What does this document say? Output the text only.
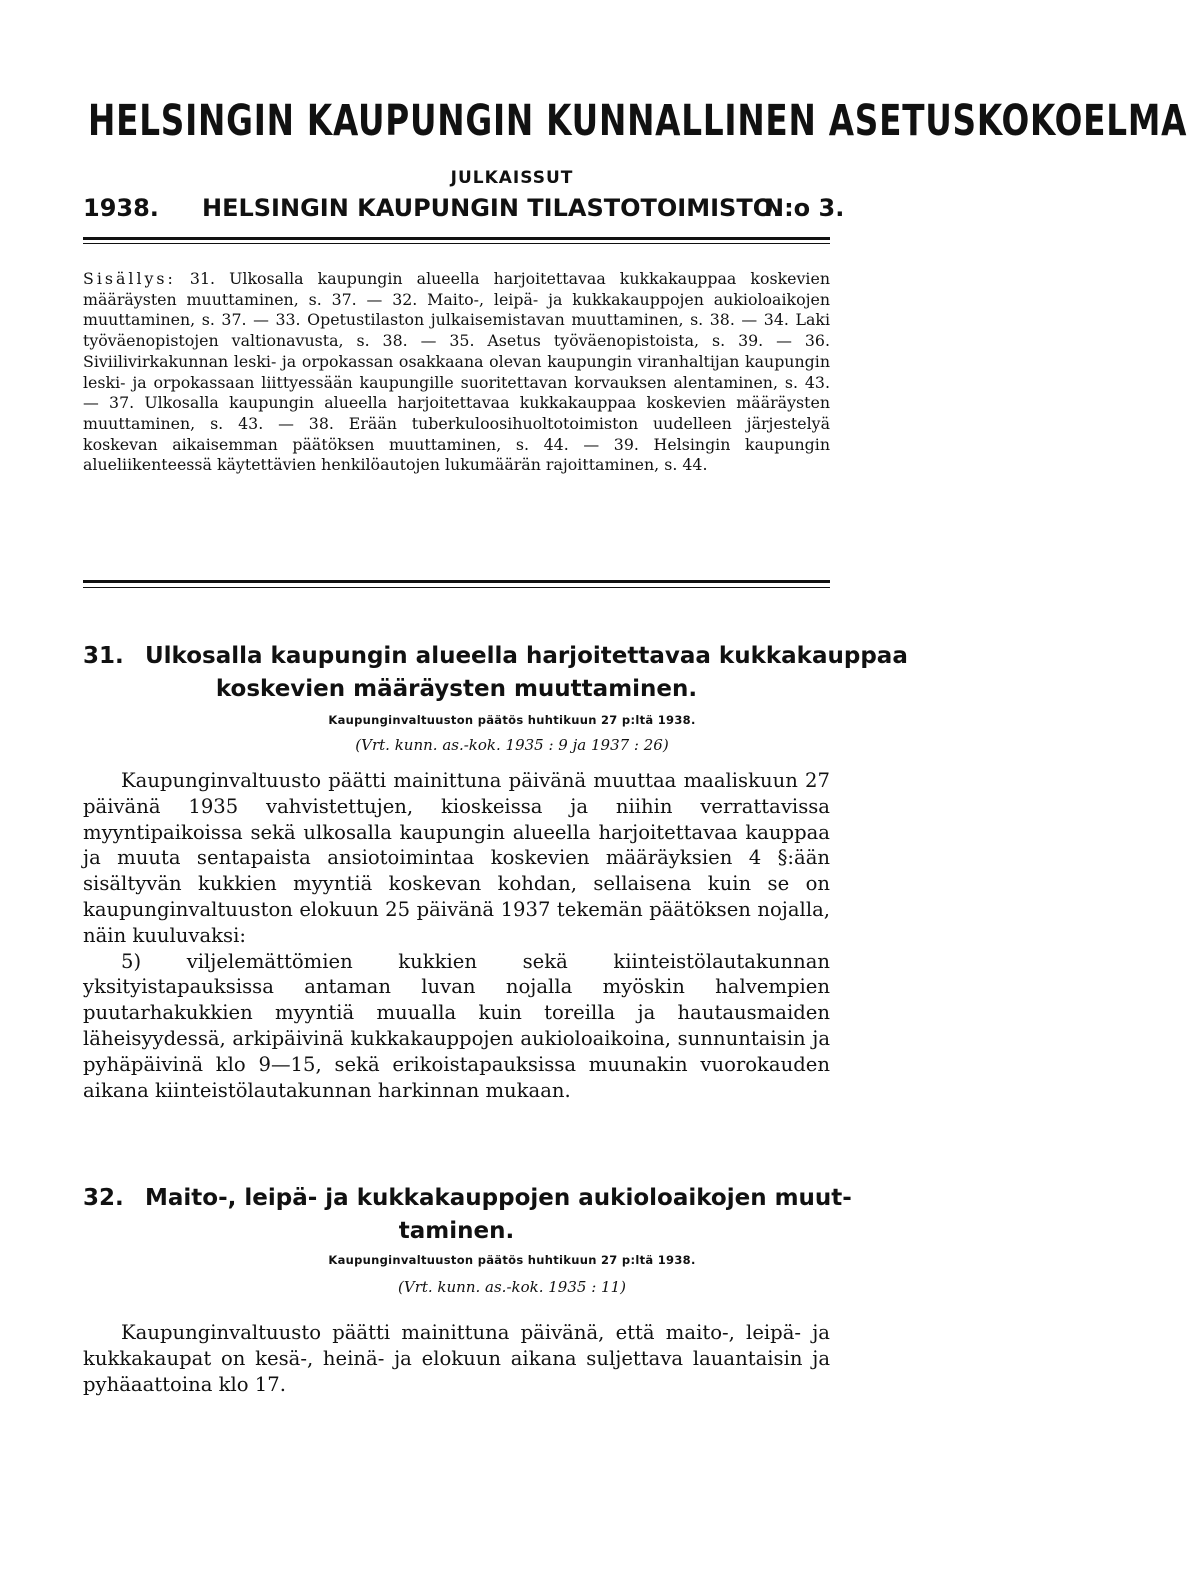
HELSINGIN KAUPUNGIN KUNNALLINEN ASETUSKOKOELMA
JULKAISSUT
1938. HELSINGIN KAUPUNGIN TILASTOTOIMISTO.
N:o 3.
Sisällys: 31. Ulkosalla kaupungin alueella harjoitettavaa kukkakauppaa koskevien määräysten muuttaminen, s. 37. — 32. Maito-, leipä- ja kukkakauppojen aukioloaikojen muuttaminen, s. 37. — 33. Opetustilaston julkaisemistavan muuttaminen, s. 38. — 34. Laki työväenopistojen valtionavusta, s. 38. — 35. Asetus työväenopistoista, s. 39. — 36. Siviilivirkakunnan leski- ja orpokassan osakkaana olevan kaupungin viranhaltijan kaupungin leski- ja orpokassaan liittyessään kaupungille suoritettavan korvauksen alentaminen, s. 43. — 37. Ulkosalla kaupungin alueella harjoitettavaa kukkakauppaa koskevien määräysten muuttaminen, s. 43. — 38. Erään tuberkuloosihuoltotoimiston uudelleen järjestelyä koskevan aikaisemman päätöksen muuttaminen, s. 44. — 39. Helsingin kaupungin alueliikenteessä käytettävien henkilöautojen lukumäärän rajoittaminen, s. 44.
31. Ulkosalla kaupungin alueella harjoitettavaa kukkakauppaa
koskevien määräysten muuttaminen.
Kaupunginvaltuuston päätös huhtikuun 27 p:ltä 1938.
(Vrt. kunn. as.-kok. 1935 : 9 ja 1937 : 26)

Kaupunginvaltuusto päätti mainittuna päivänä muuttaa maaliskuun 27 päivänä 1935 vahvistettujen, kioskeissa ja niihin verrattavissa myyntipaikoissa sekä ulkosalla kaupungin alueella harjoitettavaa kauppaa ja muuta sentapaista ansiotoimintaa koskevien määräyksien 4 §:ään sisältyvän kukkien myyntiä koskevan kohdan, sellaisena kuin se on kaupunginvaltuuston elokuun 25 päivänä 1937 tekemän päätöksen nojalla, näin kuuluvaksi:

5) viljelemättömien kukkien sekä kiinteistölautakunnan yksityistapauksissa antaman luvan nojalla myöskin halvempien puutarhakukkien myyntiä muualla kuin toreilla ja hautausmaiden läheisyydessä, arkipäivinä kukkakauppojen aukioloaikoina, sunnuntaisin ja pyhäpäivinä klo 9—15, sekä erikoistapauksissa muunakin vuorokauden aikana kiinteistölautakunnan harkinnan mukaan.

32. Maito-, leipä- ja kukkakauppojen aukioloaikojen muut-
taminen.
Kaupunginvaltuuston päätös huhtikuun 27 p:ltä 1938.
(Vrt. kunn. as.-kok. 1935 : 11)

Kaupunginvaltuusto päätti mainittuna päivänä, että maito-, leipä- ja kukkakaupat on kesä-, heinä- ja elokuun aikana suljettava lauantaisin ja pyhäaattoina klo 17.
